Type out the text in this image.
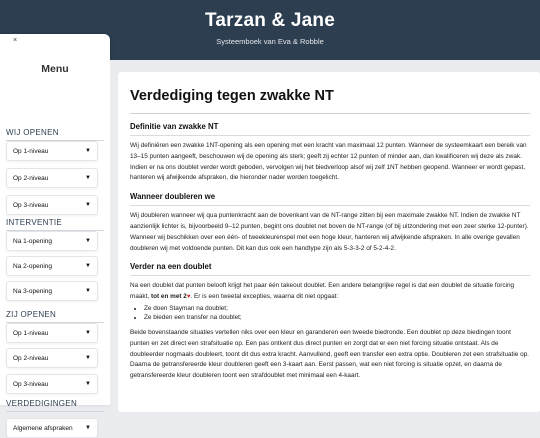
Tarzan & Jane
Systeemboek van Eva & Robble
×
Menu
WIJ OPENEN
Op 1-niveau	▼
Op 2-niveau	▼
Op 3-niveau	▼
INTERVENTIE
Na 1-opening	▼
Na 2-opening	▼
Na 3-opening	▼
ZIJ OPENEN
Op 1-niveau	▼
Op 2-niveau	▼
Op 3-niveau	▼
VERDEDIGINGEN
Algemene afspraken ▼
Verdediging tegen zwakke NT
Definitie van zwakke NT

Wij definiëren een zwakke 1NT-opening als een opening met een kracht van maximaal 12 punten. Wanneer de systeemkaart een bereik van 13–15 punten aangeeft, beschouwen wij de opening als sterk; geeft zij echter 12 punten of minder aan, dan kwalificeren wij deze als zwak. Indien er na ons doublet verder wordt geboden, vervolgen wij het biedverloop alsof wij zelf 1NT hebben geopend. Wanneer er wordt gepast, hanteren wij afwijkende afspraken, die hieronder nader worden toegelicht.

Wanneer doubleren we

Wij doubleren wanneer wij qua puntenkracht aan de bovenkant van de NT-range zitten bij een maximale zwakke NT. Indien de zwakke NT aanzienlijk lichter is, bijvoorbeeld 9–12 punten, begint ons doublet net boven de NT-range (of bij uitzondering met een zeer sterke 12-punter). Wanneer wij beschikken over een één- of tweekleurenspel met een hoge kleur, hanteren wij afwijkende afspraken. In alle overige gevallen doubleren wij met voldoende punten. Dit kan dus ook een handtype zijn als 5-3-3-2 of 5-2-4-2.

Verder na een doublet

Na een doublet dat punten belooft krijgt het paar één takeout doublet. Een andere belangrijke regel is dat een doublet de situatie forcing maakt, tot en met 2♥. Er is een tweetal excepties, waarna dit niet opgaat:

• Ze doen Stayman na doublet;
• Ze bieden een transfer na doublet;

Beide bovenstaande situaties vertellen niks over een kleur en garanderen een tweede biedronde. Een doublet op deze biedingen toont punten en zet direct een strafsituatie op. Een pas ontkent dus direct punten en zorgt dat er een niet forcing situatie ontstaat. Als de doubleerder nogmaals doubleert, toont dit dus extra kracht. Aanvullend, geeft een transfer een extra optie. Doubleren zet een strafsituatie op. Daarna de getransfereerde kleur doubleren geeft een 3-kaart aan. Eerst passen, wat een niet forcing is situatie opzet, en daarna de getransfereerde kleur doubleren toont een strafdoublet met minimaal een 4-kaart.
